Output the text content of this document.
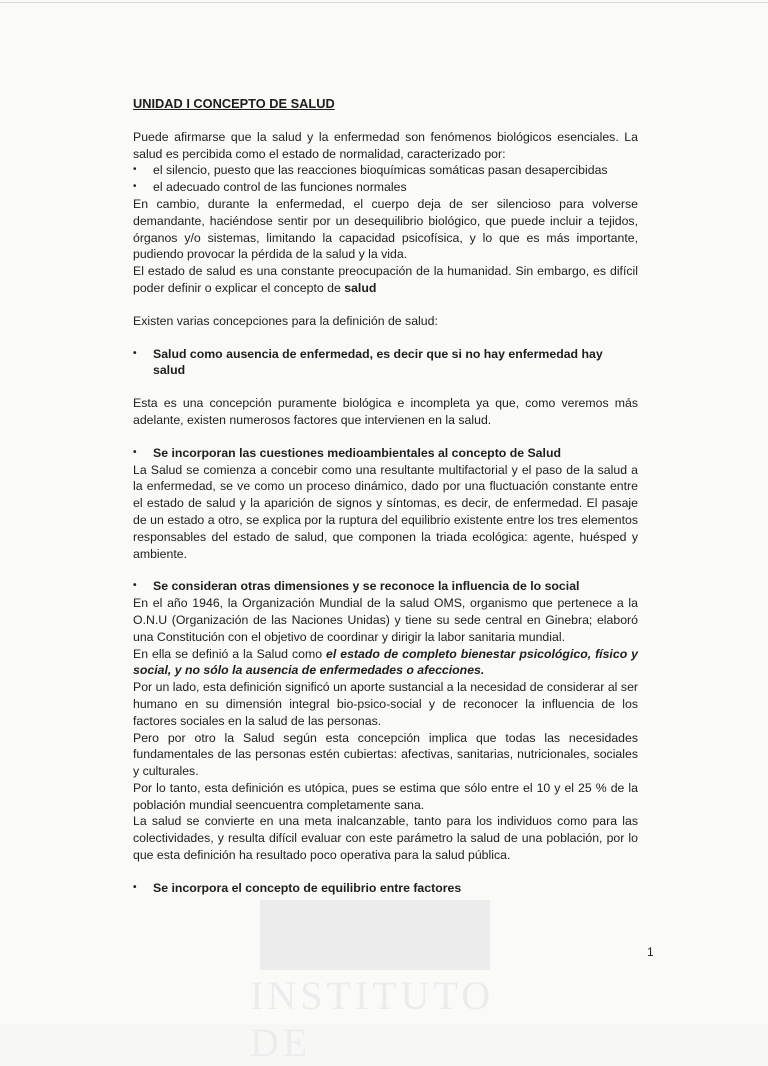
INSTITUTO DE
UNIDAD I CONCEPTO DE SALUD

Puede afirmarse que la salud y la enfermedad son fenómenos biológicos esenciales. La salud es percibida como el estado de normalidad, caracterizado por:

•	el silencio, puesto que las reacciones bioquímicas somáticas pasan desapercibidas
•	el adecuado control de las funciones normales

En cambio, durante la enfermedad, el cuerpo deja de ser silencioso para volverse demandante, haciéndose sentir por un desequilibrio biológico, que puede incluir a tejidos, órganos y/o sistemas, limitando la capacidad psicofísica, y lo que es más importante, pudiendo provocar la pérdida de la salud y la vida.

El estado de salud es una constante preocupación de la humanidad. Sin embargo, es difícil poder definir o explicar el concepto de salud

Existen varias concepciones para la definición de salud:

•	Salud como ausencia de enfermedad, es decir que si no hay enfermedad hay salud

Esta es una concepción puramente biológica e incompleta ya que, como veremos más adelante, existen numerosos factores que intervienen en la salud.

•	Se incorporan las cuestiones medioambientales al concepto de Salud

La Salud se comienza a concebir como una resultante multifactorial y el paso de la salud a la enfermedad, se ve como un proceso dinámico, dado por una fluctuación constante entre el estado de salud y la aparición de signos y síntomas, es decir, de enfermedad. El pasaje de un estado a otro, se explica por la ruptura del equilibrio existente entre los tres elementos responsables del estado de salud, que componen la triada ecológica: agente, huésped y ambiente.

•	Se consideran otras dimensiones y se reconoce la influencia de lo social

En el año 1946, la Organización Mundial de la salud OMS, organismo que pertenece a la O.N.U (Organización de las Naciones Unidas) y tiene su sede central en Ginebra; elaboró una Constitución con el objetivo de coordinar y dirigir la labor sanitaria mundial.

En ella se definió a la Salud como el estado de completo bienestar psicológico, físico y social, y no sólo la ausencia de enfermedades o afecciones.

Por un lado, esta definición significó un aporte sustancial a la necesidad de considerar al ser humano en su dimensión integral bio-psico-social y de reconocer la influencia de los factores sociales en la salud de las personas.

Pero por otro la Salud según esta concepción implica que todas las necesidades fundamentales de las personas estén cubiertas: afectivas, sanitarias, nutricionales, sociales y culturales.

Por lo tanto, esta definición es utópica, pues se estima que sólo entre el 10 y el 25 % de la población mundial seencuentra completamente sana.

La salud se convierte en una meta inalcanzable, tanto para los individuos como para las colectividades, y resulta difícil evaluar con este parámetro la salud de una población, por lo que esta definición ha resultado poco operativa para la salud pública.

•	Se incorpora el concepto de equilibrio entre factores
1
